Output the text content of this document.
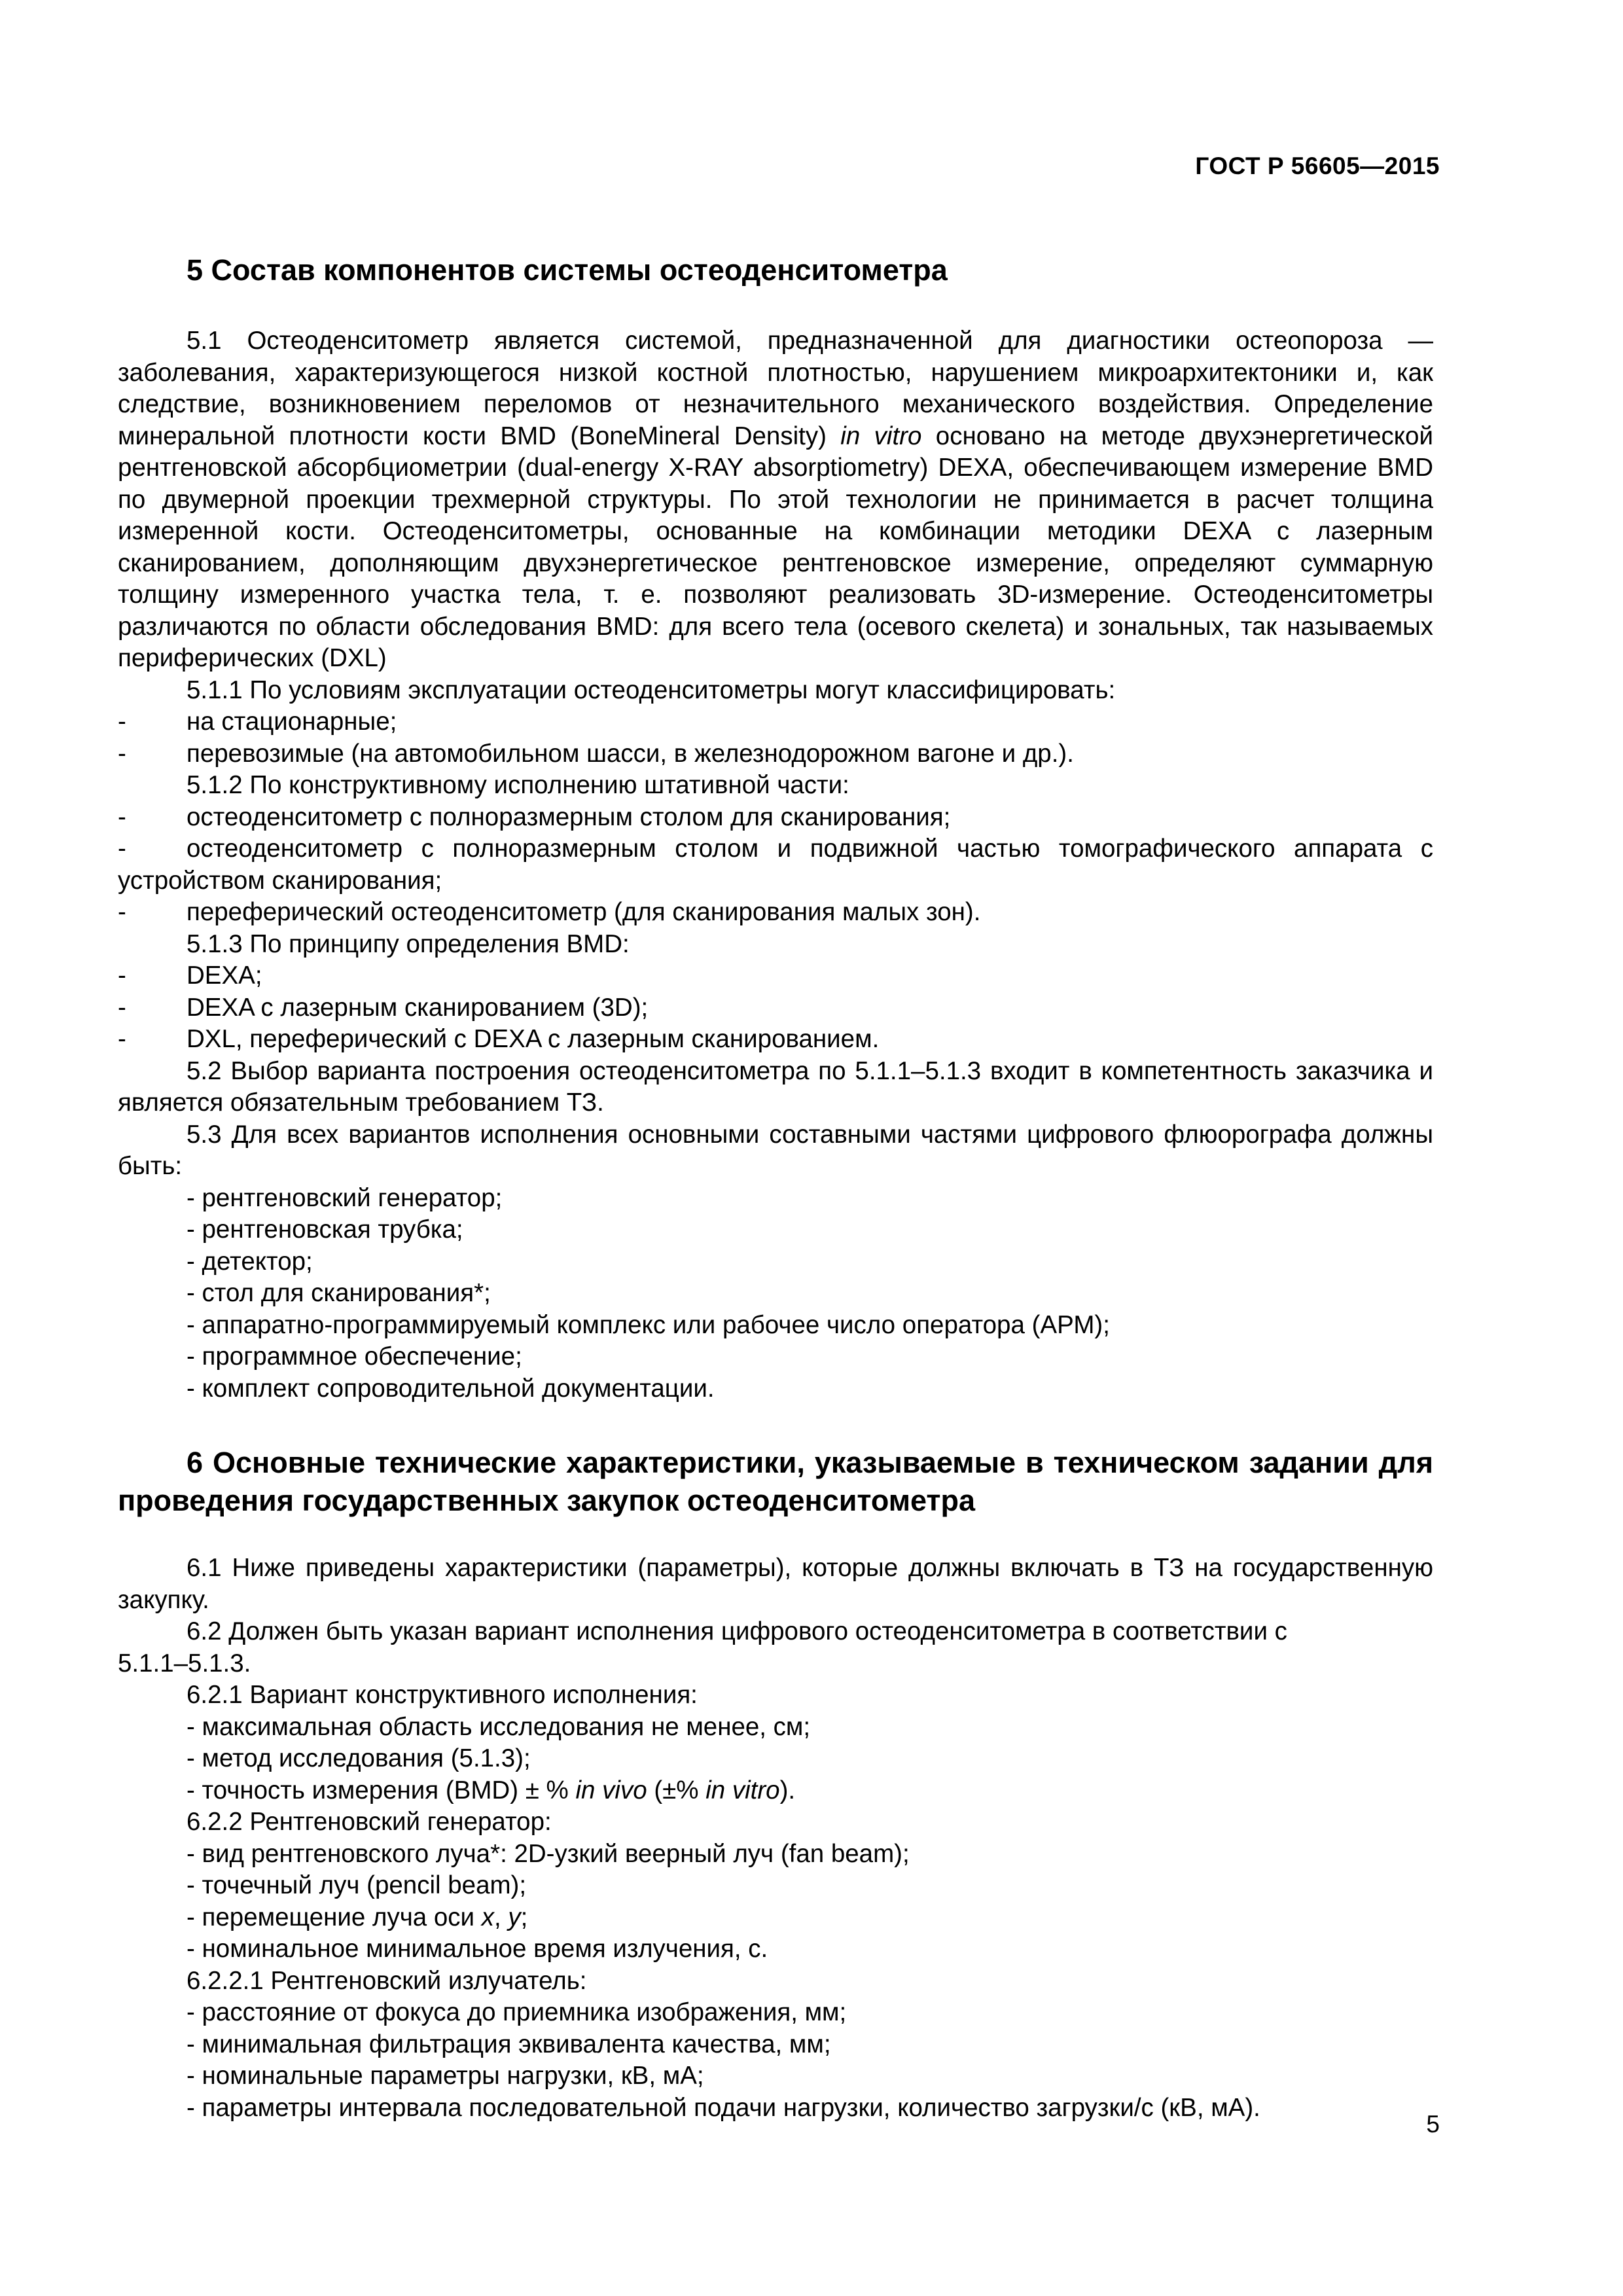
ГОСТ Р 56605—2015
5 Состав компонентов системы остеоденситометра

5.1 Остеоденситометр является системой, предназначенной для диагностики остеопороза — заболевания, характеризующегося низкой костной плотностью, нарушением микроархитектоники и, как следствие, возникновением переломов от незначительного механического воздействия. Определение минеральной плотности кости BMD (BoneMineral Density) in vitro основано на методе двухэнергетической рентгеновской абсорбциометрии (dual-energy X-RAY absorptiometry) DEXA, обеспечивающем измерение BMD по двумерной проекции трехмерной структуры. По этой технологии не принимается в расчет толщина измеренной кости. Остеоденситометры, основанные на комбинации методики DEXA с лазерным сканированием, дополняющим двухэнергетическое рентгеновское измерение, определяют суммарную толщину измеренного участка тела, т. е. позволяют реализовать 3D-измерение. Остеоденситометры различаются по области обследования BMD: для всего тела (осевого скелета) и зональных, так называемых периферических (DXL)

5.1.1 По условиям эксплуатации остеоденситометры могут классифицировать:

-	на стационарные;
-	перевозимые (на автомобильном шасси, в железнодорожном вагоне и др.).

5.1.2 По конструктивному исполнению штативной части:

-	остеоденситометр с полноразмерным столом для сканирования;

- остеоденситометр с полноразмерным столом и подвижной частью томографического аппарата с устройством сканирования;

-	переферический остеоденситометр (для сканирования малых зон).

5.1.3 По принципу определения BMD:

-	DEXA;
-	DEXA с лазерным сканированием (3D);
-	DXL, переферический с DEXA с лазерным сканированием.

5.2 Выбор варианта построения остеоденситометра по 5.1.1–5.1.3 входит в компетентность заказчика и является обязательным требованием ТЗ.

5.3 Для всех вариантов исполнения основными составными частями цифрового флюорографа должны быть:

- рентгеновский генератор;

- рентгеновская трубка;

- детектор;

- стол для сканирования*;

- аппаратно-программируемый комплекс или рабочее число оператора (АРМ);

- программное обеспечение;

- комплект сопроводительной документации.

6 Основные технические характеристики, указываемые в техническом задании для проведения государственных закупок остеоденситометра

6.1 Ниже приведены характеристики (параметры), которые должны включать в ТЗ на государственную закупку.

6.2 Должен быть указан вариант исполнения цифрового остеоденситометра в соответствии с

5.1.1–5.1.3.

6.2.1 Вариант конструктивного исполнения:

- максимальная область исследования не менее, см;

- метод исследования (5.1.3);

- точность измерения (BMD) ± % in vivo (±% in vitro).

6.2.2 Рентгеновский генератор:

- вид рентгеновского луча*: 2D-узкий веерный луч (fan beam);

- точечный луч (pencil beam);

- перемещение луча оси x, y;

- номинальное минимальное время излучения, с.

6.2.2.1 Рентгеновский излучатель:

- расстояние от фокуса до приемника изображения, мм;

- минимальная фильтрация эквивалента качества, мм;

- номинальные параметры нагрузки, кВ, мА;

- параметры интервала последовательной подачи нагрузки, количество загрузки/с (кВ, мА).

5
